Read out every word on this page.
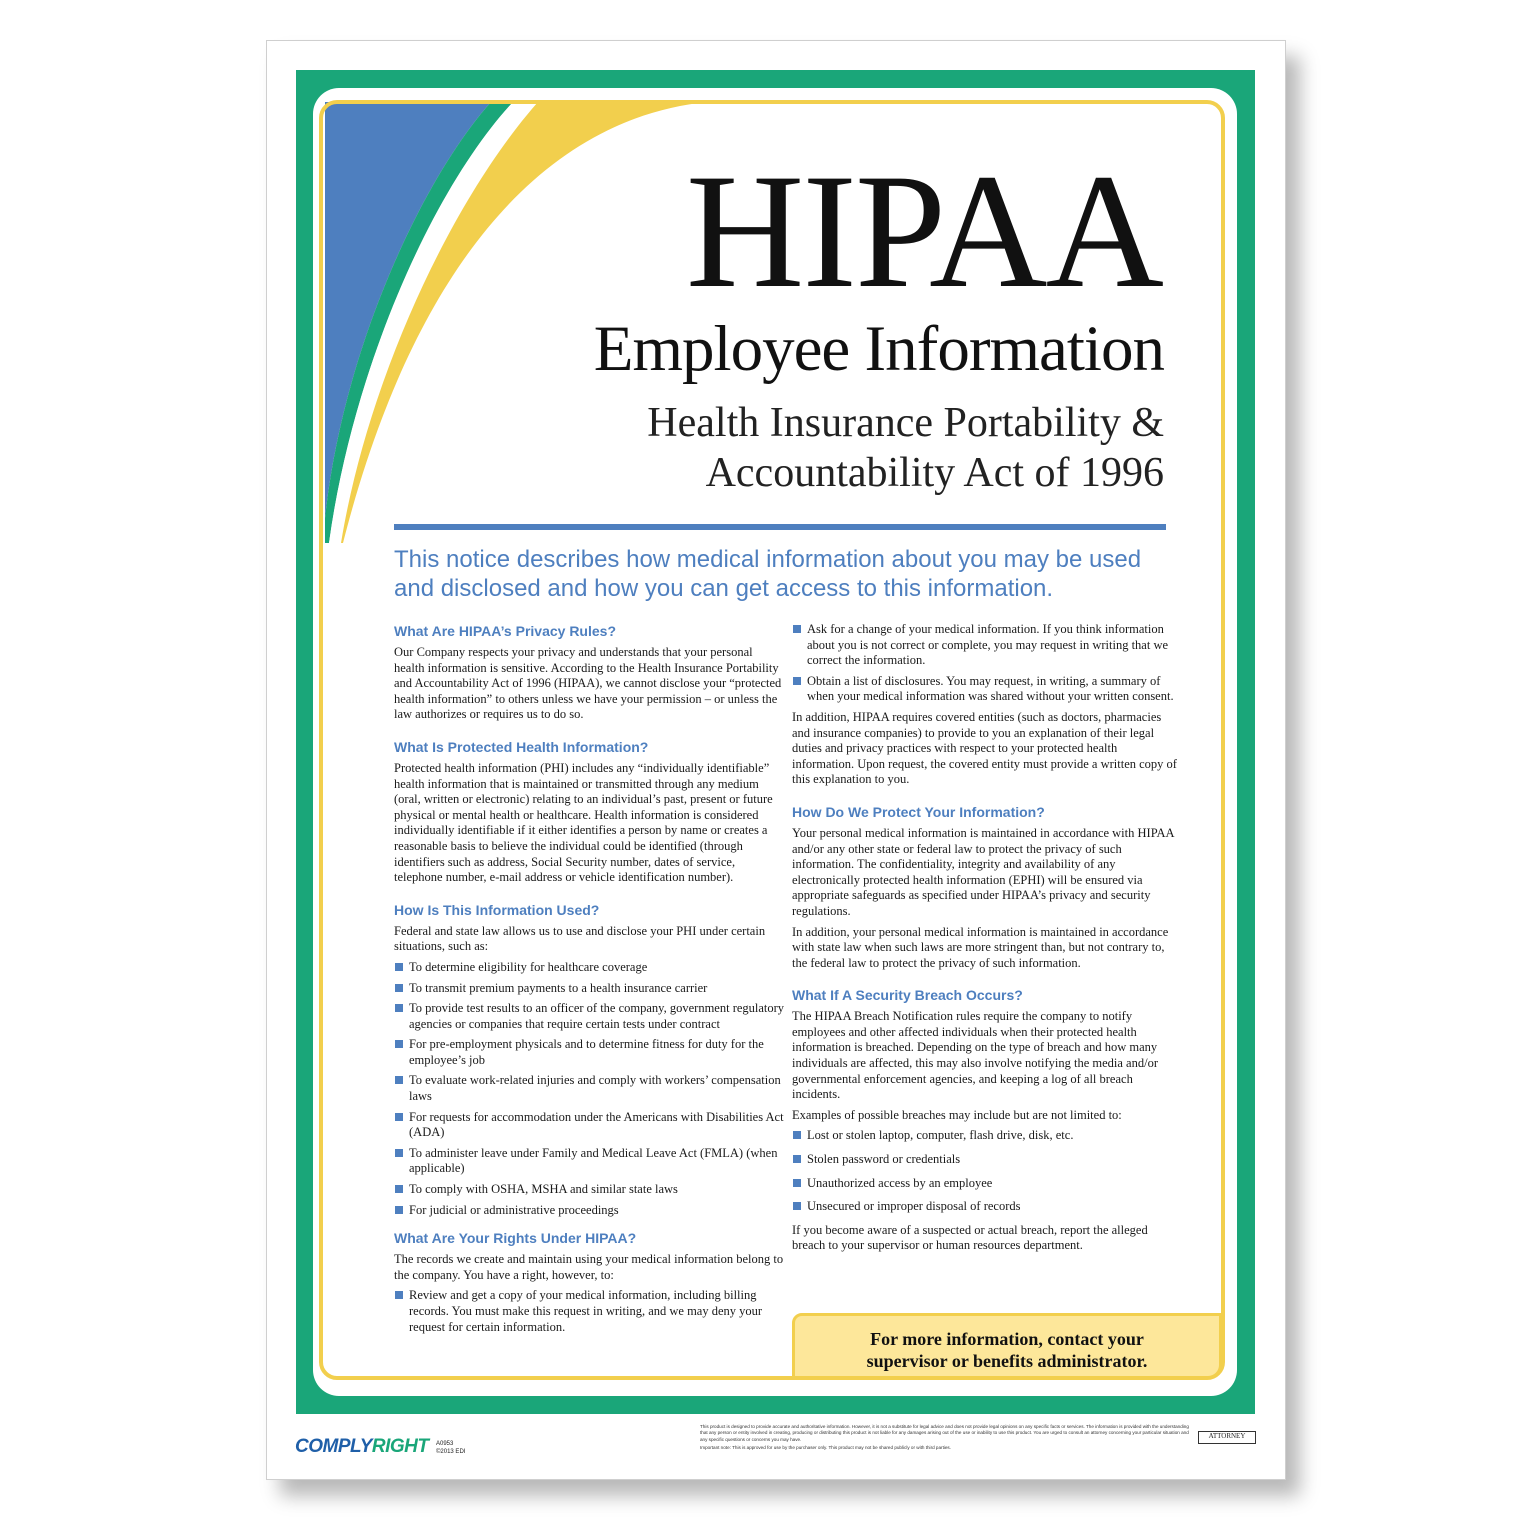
HIPAA
Employee Information
Health Insurance Portability &
Accountability Act of 1996
This notice describes how medical information about you may be used and disclosed and how you can get access to this information.
What Are HIPAA’s Privacy Rules?

Our Company respects your privacy and understands that your personal health information is sensitive. According to the Health Insurance Portability and Accountability Act of 1996 (HIPAA), we cannot disclose your “protected health information” to others unless we have your permission – or unless the law authorizes or requires us to do so.

What Is Protected Health Information?

Protected health information (PHI) includes any “individually identifiable” health information that is maintained or transmitted through any medium (oral, written or electronic) relating to an individual’s past, present or future physical or mental health or healthcare. Health information is considered individually identifiable if it either identifies a person by name or creates a reasonable basis to believe the individual could be identified (through identifiers such as address, Social Security number, dates of service, telephone number, e-mail address or vehicle identification number).

How Is This Information Used?

Federal and state law allows us to use and disclose your PHI under certain situations, such as:

To determine eligibility for healthcare coverage
To transmit premium payments to a health insurance carrier
To provide test results to an officer of the company, government regulatory agencies or companies that require certain tests under contract
For pre-employment physicals and to determine fitness for duty for the employee’s job
To evaluate work-related injuries and comply with workers’ compensation laws
For requests for accommodation under the Americans with Disabilities Act (ADA)
To administer leave under Family and Medical Leave Act (FMLA) (when applicable)
To comply with OSHA, MSHA and similar state laws
For judicial or administrative proceedings
What Are Your Rights Under HIPAA?

The records we create and maintain using your medical information belong to the company. You have a right, however, to:

Review and get a copy of your medical information, including billing records. You must make this request in writing, and we may deny your request for certain information.
Ask for a change of your medical information. If you think information about you is not correct or complete, you may request in writing that we correct the information.
Obtain a list of disclosures. You may request, in writing, a summary of when your medical information was shared without your written consent.

In addition, HIPAA requires covered entities (such as doctors, pharmacies and insurance companies) to provide to you an explanation of their legal duties and privacy practices with respect to your protected health information. Upon request, the covered entity must provide a written copy of this explanation to you.

How Do We Protect Your Information?

Your personal medical information is maintained in accordance with HIPAA and/or any other state or federal law to protect the privacy of such information. The confidentiality, integrity and availability of any electronically protected health information (EPHI) will be ensured via appropriate safeguards as specified under HIPAA’s privacy and security regulations.

In addition, your personal medical information is maintained in accordance with state law when such laws are more stringent than, but not contrary to, the federal law to protect the privacy of such information.

What If A Security Breach Occurs?

The HIPAA Breach Notification rules require the company to notify employees and other affected individuals when their protected health information is breached. Depending on the type of breach and how many individuals are affected, this may also involve notifying the media and/or governmental enforcement agencies, and keeping a log of all breach incidents.

Examples of possible breaches may include but are not limited to:

Lost or stolen laptop, computer, flash drive, disk, etc.
Stolen password or credentials
Unauthorized access by an employee
Unsecured or improper disposal of records

If you become aware of a suspected or actual breach, report the alleged breach to your supervisor or human resources department.

For more information, contact your
supervisor or benefits administrator.
COMPLYRIGHT A0953
©2013 EDI
This product is designed to provide accurate and authoritative information. However, it is not a substitute for legal advice and does not provide legal opinions on any specific facts or services. The information is provided with the understanding that any person or entity involved in creating, producing or distributing this product is not liable for any damages arising out of the use or inability to use this product. You are urged to consult an attorney concerning your particular situation and any specific questions or concerns you may have.
Important note: This is approved for use by the purchaser only. This product may not be shared publicly or with third parties.
ATTORNEY
